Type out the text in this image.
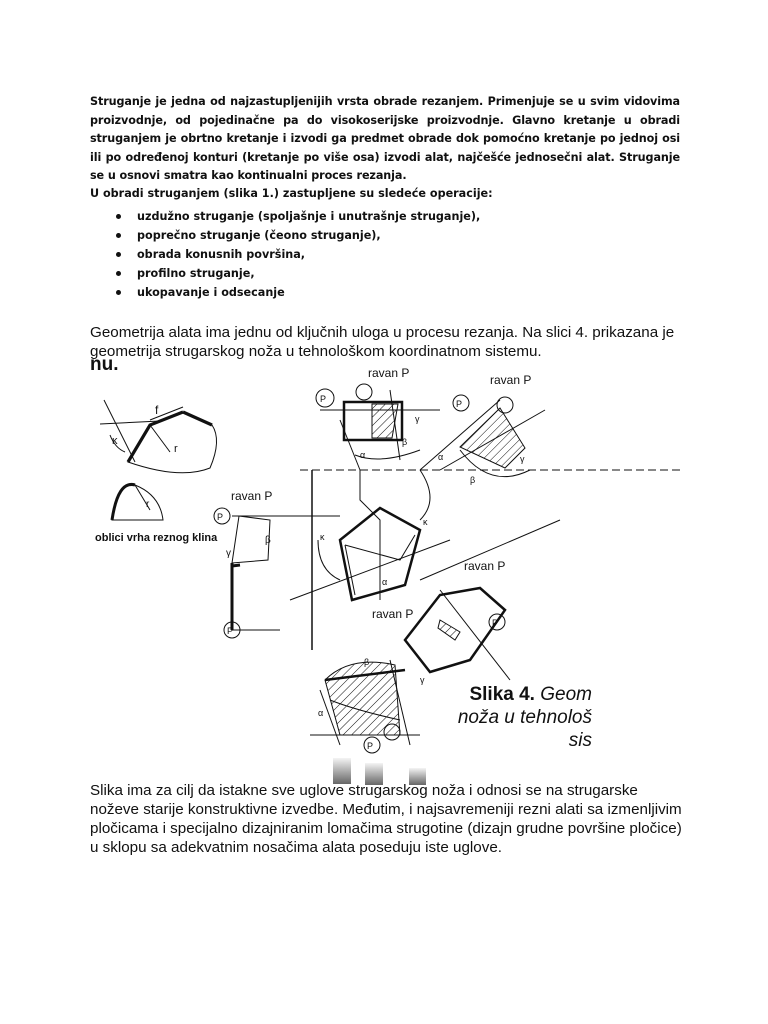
Struganje je jedna od najzastupljenijih vrsta obrade rezanjem. Primenjuje se u svim vidovima proizvodnje, od pojedinačne pa do visokoserijske proizvodnje. Glavno kretanje u obradi struganjem je obrtno kretanje i izvodi ga predmet obrade dok pomoćno kretanje po jednoj osi ili po određenoj konturi (kretanje po više osa) izvodi alat, najčešće jednosečni alat. Struganje se u osnovi smatra kao kontinualni proces rezanja.
U obradi struganjem (slika 1.) zastupljene su sledeće operacije:
uzdužno struganje (spoljašnje i unutrašnje struganje),
poprečno struganje (čeono struganje),
obrada konusnih površina,
profilno struganje,
ukopavanje i odsecanje
Geometrija alata ima jednu od ključnih uloga u procesu rezanja. Na slici 4. prikazana je geometrija strugarskog noža u tehnološkom koordinatnom sistemu.
nu.
f
r
κ
r
oblici vrha reznog klina
ravan P
P
P
β
γ
ravan P
P
α
β
γ
ravan P
P
β
γ
κ
κ
α
α
ravan P
ravan P
P
P
β
γ
α
Slika 4. Geom
noža u tehnološ
sis
Slika ima za cilj da istakne sve uglove strugarskog noža i odnosi se na strugarske noževe starije konstruktivne izvedbe. Međutim, i najsavremeniji rezni alati sa izmenljivim pločicama i specijalno dizajniranim lomačima strugotine (dizajn grudne površine pločice) u sklopu sa adekvatnim nosačima alata poseduju iste uglove.
